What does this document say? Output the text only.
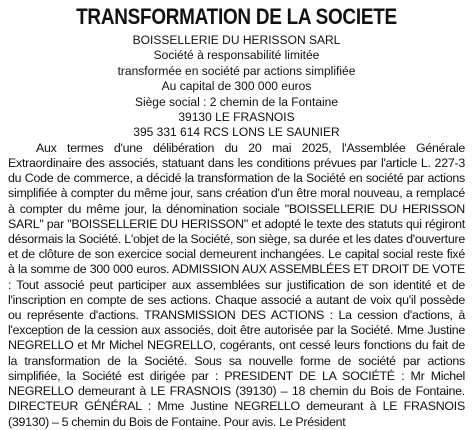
TRANSFORMATION DE LA SOCIETE
BOISSELLERIE DU HERISSON SARL
Société à responsabilité limitée
transformée en société par actions simplifiée
Au capital de 300 000 euros
Siège social : 2 chemin de la Fontaine
39130 LE FRASNOIS
395 331 614 RCS LONS LE SAUNIER

Aux termes d'une délibération du 20 mai 2025, l'Assemblée Générale Extraordinaire des associés, statuant dans les conditions prévues par l'article L. 227-3 du Code de commerce, a décidé la transformation de la Société en société par actions simplifiée à compter du même jour, sans création d'un être moral nouveau, a remplacé à compter du même jour, la dénomination sociale "BOISSELLERIE DU HERISSON SARL" par "BOISSELLERIE DU HERISSON" et adopté le texte des statuts qui régiront désormais la Société. L'objet de la Société, son siège, sa durée et les dates d'ouverture et de clôture de son exercice social demeurent inchangées. Le capital social reste fixé à la somme de 300 000 euros. ADMISSION AUX ASSEMBLÉES ET DROIT DE VOTE : Tout associé peut participer aux assemblées sur justification de son identité et de l'inscription en compte de ses actions. Chaque associé a autant de voix qu'il possède ou représente d'actions. TRANSMISSION DES ACTIONS : La cession d'actions, à l'exception de la cession aux associés, doit être autorisée par la Société. Mme Justine NEGRELLO et Mr Michel NEGRELLO, cogérants, ont cessé leurs fonctions du fait de la transformation de la Société. Sous sa nouvelle forme de société par actions simplifiée, la Société est dirigée par : PRESIDENT DE LA SOCIÉTÉ : Mr Michel NEGRELLO demeurant à LE FRASNOIS (39130) – 18 chemin du Bois de Fontaine. DIRECTEUR GÉNÉRAL : Mme Justine NEGRELLO demeurant à LE FRASNOIS (39130) – 5 chemin du Bois de Fontaine. Pour avis. Le Président
